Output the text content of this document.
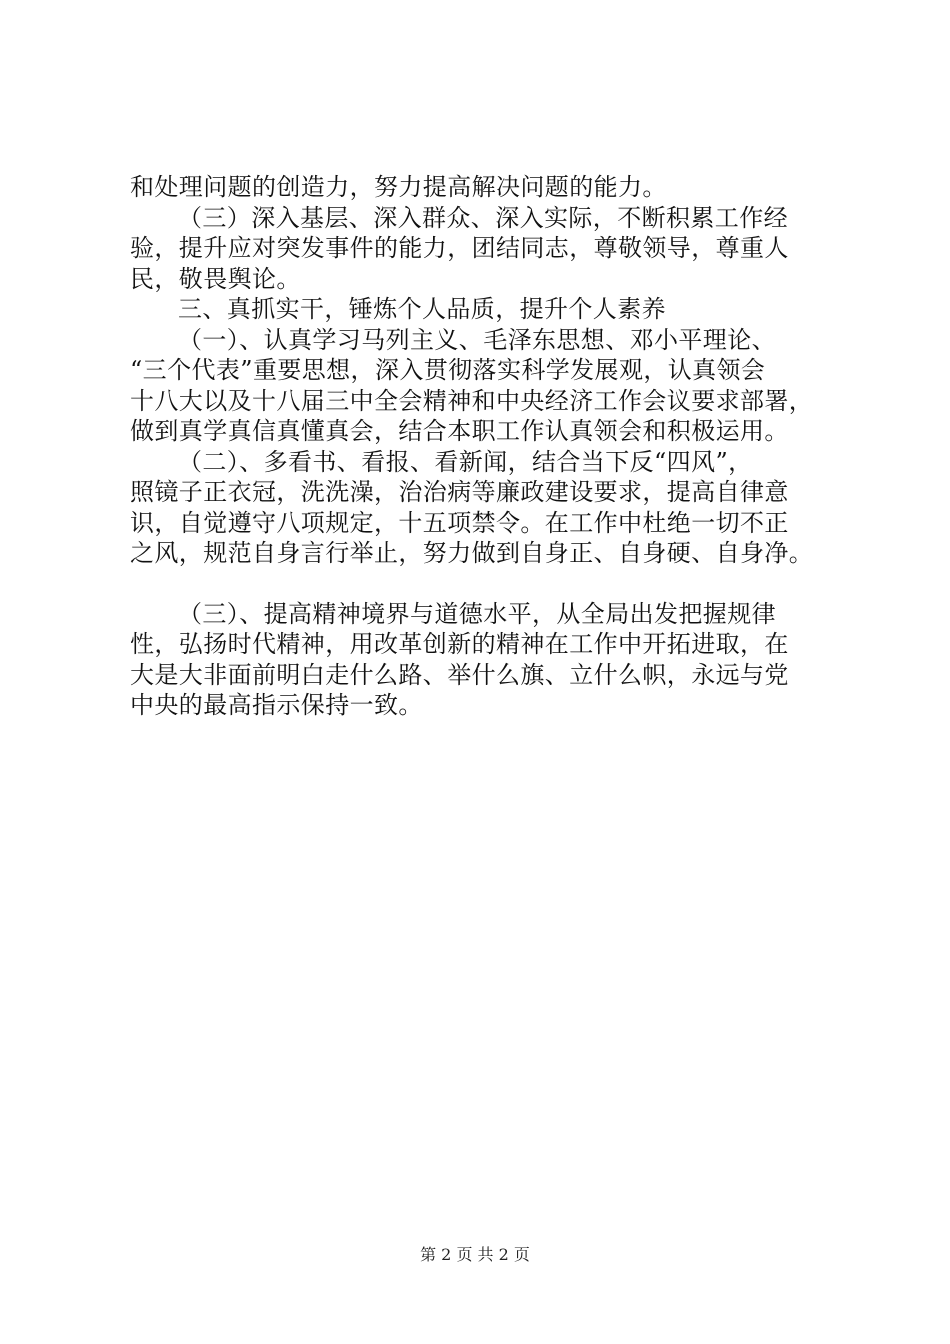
和处理问题的创造力，努力提高解决问题的能力。
（三）深入基层、深入群众、深入实际，不断积累工作经
验，提升应对突发事件的能力，团结同志，尊敬领导，尊重人
民，敬畏舆论。
三、真抓实干，锤炼个人品质，提升个人素养
（一）、认真学习马列主义、毛泽东思想、邓小平理论、
“三个代表”重要思想，深入贯彻落实科学发展观，认真领会
十八大以及十八届三中全会精神和中央经济工作会议要求部署，
做到真学真信真懂真会，结合本职工作认真领会和积极运用。
（二）、多看书、看报、看新闻，结合当下反“四风”，
照镜子正衣冠，洗洗澡，治治病等廉政建设要求，提高自律意
识，自觉遵守八项规定，十五项禁令。在工作中杜绝一切不正
之风，规范自身言行举止，努力做到自身正、自身硬、自身净。
（三）、提高精神境界与道德水平，从全局出发把握规律
性，弘扬时代精神，用改革创新的精神在工作中开拓进取，在
大是大非面前明白走什么路、举什么旗、立什么帜，永远与党
中央的最高指示保持一致。
第 2 页 共 2 页
